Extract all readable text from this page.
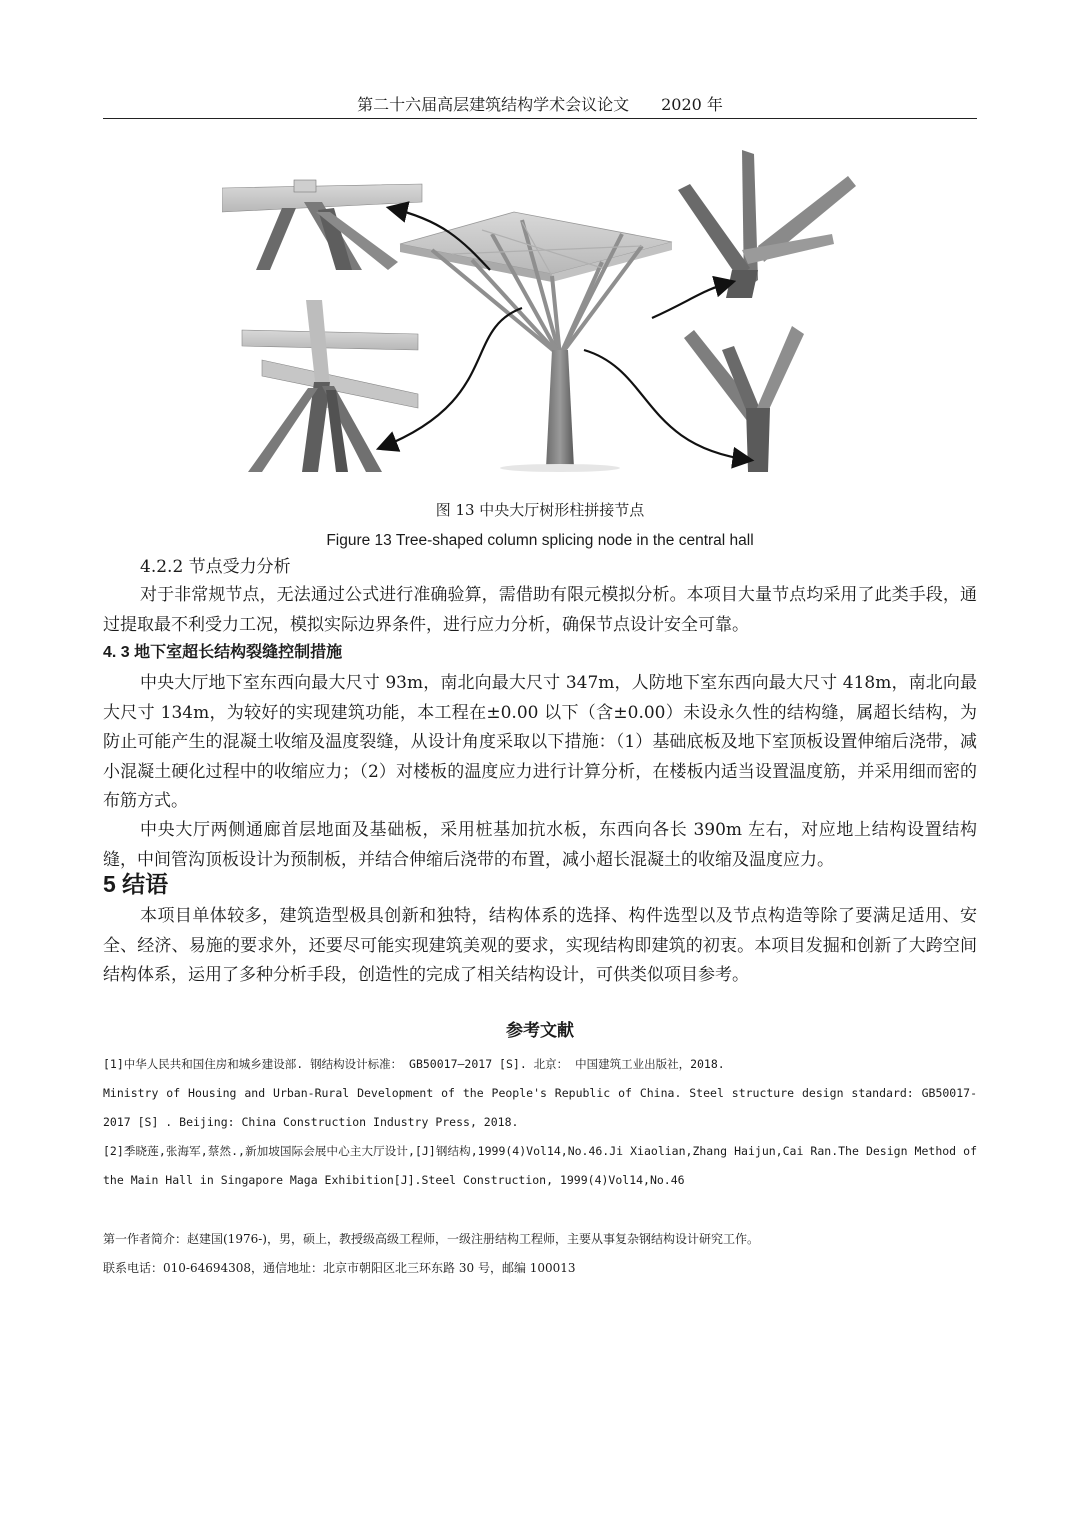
第二十六届高层建筑结构学术会议论文　　2020 年
图 13 中央大厅树形柱拼接节点
Figure 13 Tree-shaped column splicing node in the central hall
4.2.2 节点受力分析

对于非常规节点，无法通过公式进行准确验算，需借助有限元模拟分析。本项目大量节点均采用了此类手段，通过提取最不利受力工况，模拟实际边界条件，进行应力分析，确保节点设计安全可靠。

4. 3 地下室超长结构裂缝控制措施

中央大厅地下室东西向最大尺寸 93m，南北向最大尺寸 347m，人防地下室东西向最大尺寸 418m，南北向最大尺寸 134m，为较好的实现建筑功能，本工程在±0.00 以下（含±0.00）未设永久性的结构缝，属超长结构，为防止可能产生的混凝土收缩及温度裂缝，从设计角度采取以下措施：（1）基础底板及地下室顶板设置伸缩后浇带，减小混凝土硬化过程中的收缩应力；（2）对楼板的温度应力进行计算分析，在楼板内适当设置温度筋，并采用细而密的布筋方式。

中央大厅两侧通廊首层地面及基础板，采用桩基加抗水板，东西向各长 390m 左右，对应地上结构设置结构缝，中间管沟顶板设计为预制板，并结合伸缩后浇带的布置，减小超长混凝土的收缩及温度应力。

5 结语

本项目单体较多，建筑造型极具创新和独特，结构体系的选择、构件选型以及节点构造等除了要满足适用、安全、经济、易施的要求外，还要尽可能实现建筑美观的要求，实现结构即建筑的初衷。本项目发掘和创新了大跨空间结构体系，运用了多种分析手段，创造性的完成了相关结构设计，可供类似项目参考。

参考文献

[1]中华人民共和国住房和城乡建设部. 钢结构设计标准： GB50017—2017 [S]. 北京： 中国建筑工业出版社，2018.

Ministry of Housing and Urban-Rural Development of the People's Republic of China. Steel structure design standard: GB50017-2017 [S] . Beijing: China Construction Industry Press, 2018.

[2]季晓莲,张海军,蔡然.,新加坡国际会展中心主大厅设计,[J]钢结构,1999(4)Vol14,No.46.Ji Xiaolian,Zhang Haijun,Cai Ran.The Design Method of the Main Hall in Singapore Maga Exhibition[J].Steel Construction, 1999(4)Vol14,No.46

第一作者简介：赵建国(1976-)，男，硕上，教授级高级工程师，一级注册结构工程师，主要从事复杂钢结构设计研究工作。

联系电话：010-64694308，通信地址：北京市朝阳区北三环东路 30 号，邮编 100013
